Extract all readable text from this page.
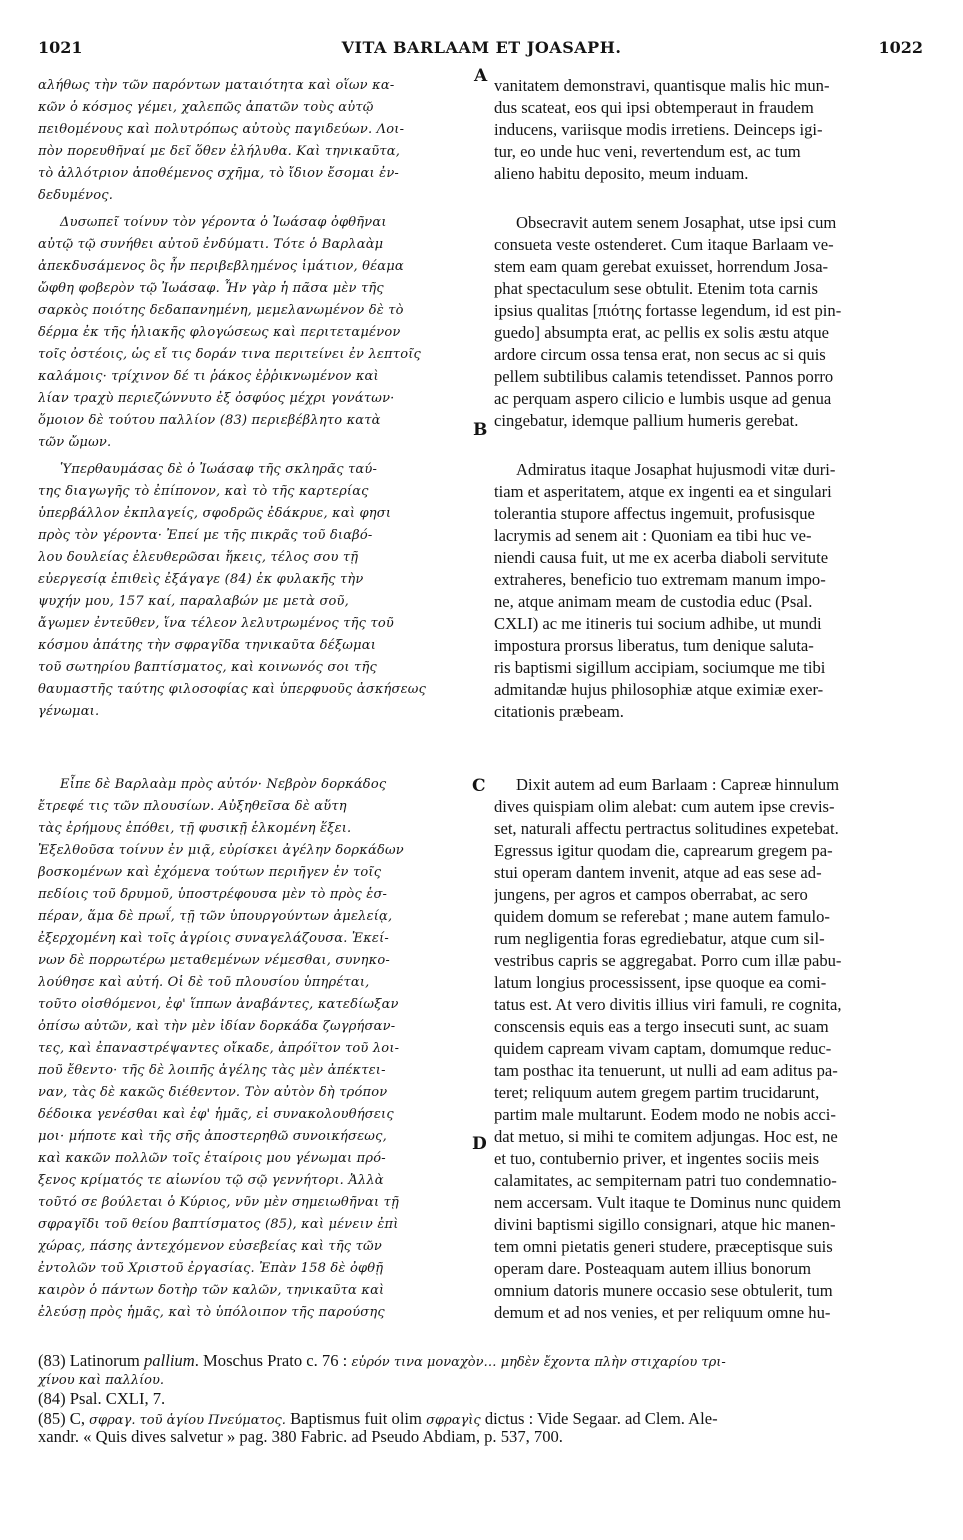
1021	VITA BARLAAM ET JOASAPH.	1022
A
B
C
D
(83) Latinorum pallium. Moschus Prato c. 76 : εὑρόν τινα μοναχὸν… μηδὲν ἔχοντα πλὴν στιχαρίου τρι-
χίνου καὶ παλλίου.
(84) Psal. CXLI, 7.
(85) C, σφραγ. τοῦ ἁγίου Πνεύματος. Baptismus fuit olim σφραγὶς dictus : Vide Segaar. ad Clem. Ale-
xandr. « Quis dives salvetur » pag. 380 Fabric. ad Pseudo Abdiam, p. 537, 700.
αλήθως τὴν τῶν παρόντων ματαιότητα καὶ οἵων κα-
κῶν ὁ κόσμος γέμει, χαλεπῶς ἀπατῶν τοὺς αὐτῷ
πειθομένους καὶ πολυτρόπως αὐτοὺς παγιδεύων. Λοι-
πὸν πορευθῆναί με δεῖ ὅθεν ἐλήλυθα. Καὶ τηνικαῦτα,
τὸ ἀλλότριον ἀποθέμενος σχῆμα, τὸ ἴδιον ἔσομαι ἐν-
δεδυμένος.
Δυσωπεῖ τοίνυν τὸν γέροντα ὁ Ἰωάσαφ ὀφθῆναι
αὐτῷ τῷ συνήθει αὐτοῦ ἐνδύματι. Τότε ὁ Βαρλαὰμ
ἀπεκδυσάμενος ὃς ἦν περιβεβλημένος ἱμάτιον, θέαμα
ὤφθη φοβερὸν τῷ Ἰωάσαφ. Ἦν γὰρ ἡ πᾶσα μὲν τῆς
σαρκὸς ποιότης δεδαπανημένη, μεμελανωμένον δὲ τὸ
δέρμα ἐκ τῆς ἡλιακῆς φλογώσεως καὶ περιτεταμένον
τοῖς ὀστέοις, ὡς εἴ τις δοράν τινα περιτείνει ἐν λεπτοῖς
καλάμοις· τρίχινον δέ τι ῥάκος ἐῤῥικνωμένον καὶ
λίαν τραχὺ περιεζώννυτο ἐξ ὀσφύος μέχρι γονάτων·
ὅμοιον δὲ τούτου παλλίον (83) περιεβέβλητο κατὰ
τῶν ὤμων.
Ὑπερθαυμάσας δὲ ὁ Ἰωάσαφ τῆς σκληρᾶς ταύ-
της διαγωγῆς τὸ ἐπίπονον, καὶ τὸ τῆς καρτερίας
ὑπερβάλλον ἐκπλαγείς, σφοδρῶς ἐδάκρυε, καὶ φησι
πρὸς τὸν γέροντα· Ἐπεί με τῆς πικρᾶς τοῦ διαβό-
λου δουλείας ἐλευθερῶσαι ἥκεις, τέλος σου τῇ
εὐεργεσίᾳ ἐπιθεὶς ἐξάγαγε (84) ἐκ φυλακῆς τὴν
ψυχήν μου, 157 καί, παραλαβών με μετὰ σοῦ,
ἄγωμεν ἐντεῦθεν, ἵνα τέλεον λελυτρωμένος τῆς τοῦ
κόσμου ἀπάτης τὴν σφραγῖδα τηνικαῦτα δέξωμαι
τοῦ σωτηρίου βαπτίσματος, καὶ κοινωνός σοι τῆς
θαυμαστῆς ταύτης φιλοσοφίας καὶ ὑπερφυοῦς ἀσκήσεως
γένωμαι.
Εἶπε δὲ Βαρλαὰμ πρὸς αὐτόν· Νεβρὸν δορκάδος
ἔτρεφέ τις τῶν πλουσίων. Αὐξηθεῖσα δὲ αὕτη
τὰς ἐρήμους ἐπόθει, τῇ φυσικῇ ἑλκομένη ἕξει.
Ἐξελθοῦσα τοίνυν ἐν μιᾷ, εὐρίσκει ἀγέλην δορκάδων
βοσκομένων καὶ ἐχόμενα τούτων περιῆγεν ἐν τοῖς
πεδίοις τοῦ δρυμοῦ, ὑποστρέφουσα μὲν τὸ πρὸς ἑσ-
πέραν, ἅμα δὲ πρωΐ, τῇ τῶν ὑπουργούντων ἀμελείᾳ,
ἐξερχομένη καὶ τοῖς ἀγρίοις συναγελάζουσα. Ἐκεί-
νων δὲ πορρωτέρω μεταθεμένων νέμεσθαι, συνηκο-
λούθησε καὶ αὐτή. Οἱ δὲ τοῦ πλουσίου ὑπηρέται,
τοῦτο οἰσθόμενοι, ἐφ' ἵππων ἀναβάντες, κατεδίωξαν
ὀπίσω αὐτῶν, καὶ τὴν μὲν ἰδίαν δορκάδα ζωγρήσαν-
τες, καὶ ἐπαναστρέψαντες οἴκαδε, ἀπρόϊτον τοῦ λοι-
ποῦ ἔθεντο· τῆς δὲ λοιπῆς ἀγέλης τὰς μὲν ἀπέκτει-
ναν, τὰς δὲ κακῶς διέθεντον. Τὸν αὐτὸν δὴ τρόπον
δέδοικα γενέσθαι καὶ ἐφ' ἡμᾶς, εἰ συνακολουθήσεις
μοι· μήποτε καὶ τῆς σῆς ἀποστερηθῶ συνοικήσεως,
καὶ κακῶν πολλῶν τοῖς ἑταίροις μου γένωμαι πρό-
ξενος κρίματός τε αἰωνίου τῷ σῷ γεννήτορι. Ἀλλὰ
τοῦτό σε βούλεται ὁ Κύριος, νῦν μὲν σημειωθῆναι τῇ
σφραγῖδι τοῦ θείου βαπτίσματος (85), καὶ μένειν ἐπὶ
χώρας, πάσης ἀντεχόμενον εὐσεβείας καὶ τῆς τῶν
ἐντολῶν τοῦ Χριστοῦ ἐργασίας. Ἐπὰν 158 δὲ ὀφθῇ
καιρὸν ὁ πάντων δοτὴρ τῶν καλῶν, τηνικαῦτα καὶ
ἐλεύσῃ πρὸς ἡμᾶς, καὶ τὸ ὑπόλοιπον τῆς παρούσης
vanitatem demonstravi, quantisque malis hic mun-
dus scateat, eos qui ipsi obtemperaut in fraudem
inducens, variisque modis irretiens. Deinceps igi-
tur, eo unde huc veni, revertendum est, ac tum
alieno habitu deposito, meum induam.
Obsecravit autem senem Josaphat, utse ipsi cum
consueta veste ostenderet. Cum itaque Barlaam ve-
stem eam quam gerebat exuisset, horrendum Josa-
phat spectaculum sese obtulit. Etenim tota carnis
ipsius qualitas [πιότης fortasse legendum, id est pin-
guedo] absumpta erat, ac pellis ex solis æstu atque
ardore circum ossa tensa erat, non secus ac si quis
pellem subtilibus calamis tetendisset. Pannos porro
ac perquam aspero cilicio e lumbis usque ad genua
cingebatur, idemque pallium humeris gerebat.
Admiratus itaque Josaphat hujusmodi vitæ duri-
tiam et asperitatem, atque ex ingenti ea et singulari
tolerantia stupore affectus ingemuit, profusisque
lacrymis ad senem ait : Quoniam ea tibi huc ve-
niendi causa fuit, ut me ex acerba diaboli servitute
extraheres, beneficio tuo extremam manum impo-
ne, atque animam meam de custodia educ (Psal.
CXLI) ac me itineris tui socium adhibe, ut mundi
impostura prorsus liberatus, tum denique saluta-
ris baptismi sigillum accipiam, sociumque me tibi
admitandæ hujus philosophiæ atque eximiæ exer-
citationis præbeam.
Dixit autem ad eum Barlaam : Capreæ hinnulum
dives quispiam olim alebat: cum autem ipse crevis-
set, naturali affectu pertractus solitudines expetebat.
Egressus igitur quodam die, caprearum gregem pa-
stui operam dantem invenit, atque ad eas sese ad-
jungens, per agros et campos oberrabat, ac sero
quidem domum se referebat ; mane autem famulo-
rum negligentia foras egrediebatur, atque cum sil-
vestribus capris se aggregabat. Porro cum illæ pabu-
latum longius processissent, ipse quoque ea comi-
tatus est. At vero divitis illius viri famuli, re cognita,
conscensis equis eas a tergo insecuti sunt, ac suam
quidem capream vivam captam, domumque reduc-
tam posthac ita tenuerunt, ut nulli ad eam aditus pa-
teret; reliquum autem gregem partim trucidarunt,
partim male multarunt. Eodem modo ne nobis acci-
dat metuo, si mihi te comitem adjungas. Hoc est, ne
et tuo, contubernio priver, et ingentes sociis meis
calamitates, ac sempiternam patri tuo condemnatio-
nem accersam. Vult itaque te Dominus nunc quidem
divini baptismi sigillo consignari, atque hic manen-
tem omni pietatis generi studere, præceptisque suis
operam dare. Posteaquam autem illius bonorum
omnium datoris munere occasio sese obtulerit, tum
demum et ad nos venies, et per reliquum omne hu-
